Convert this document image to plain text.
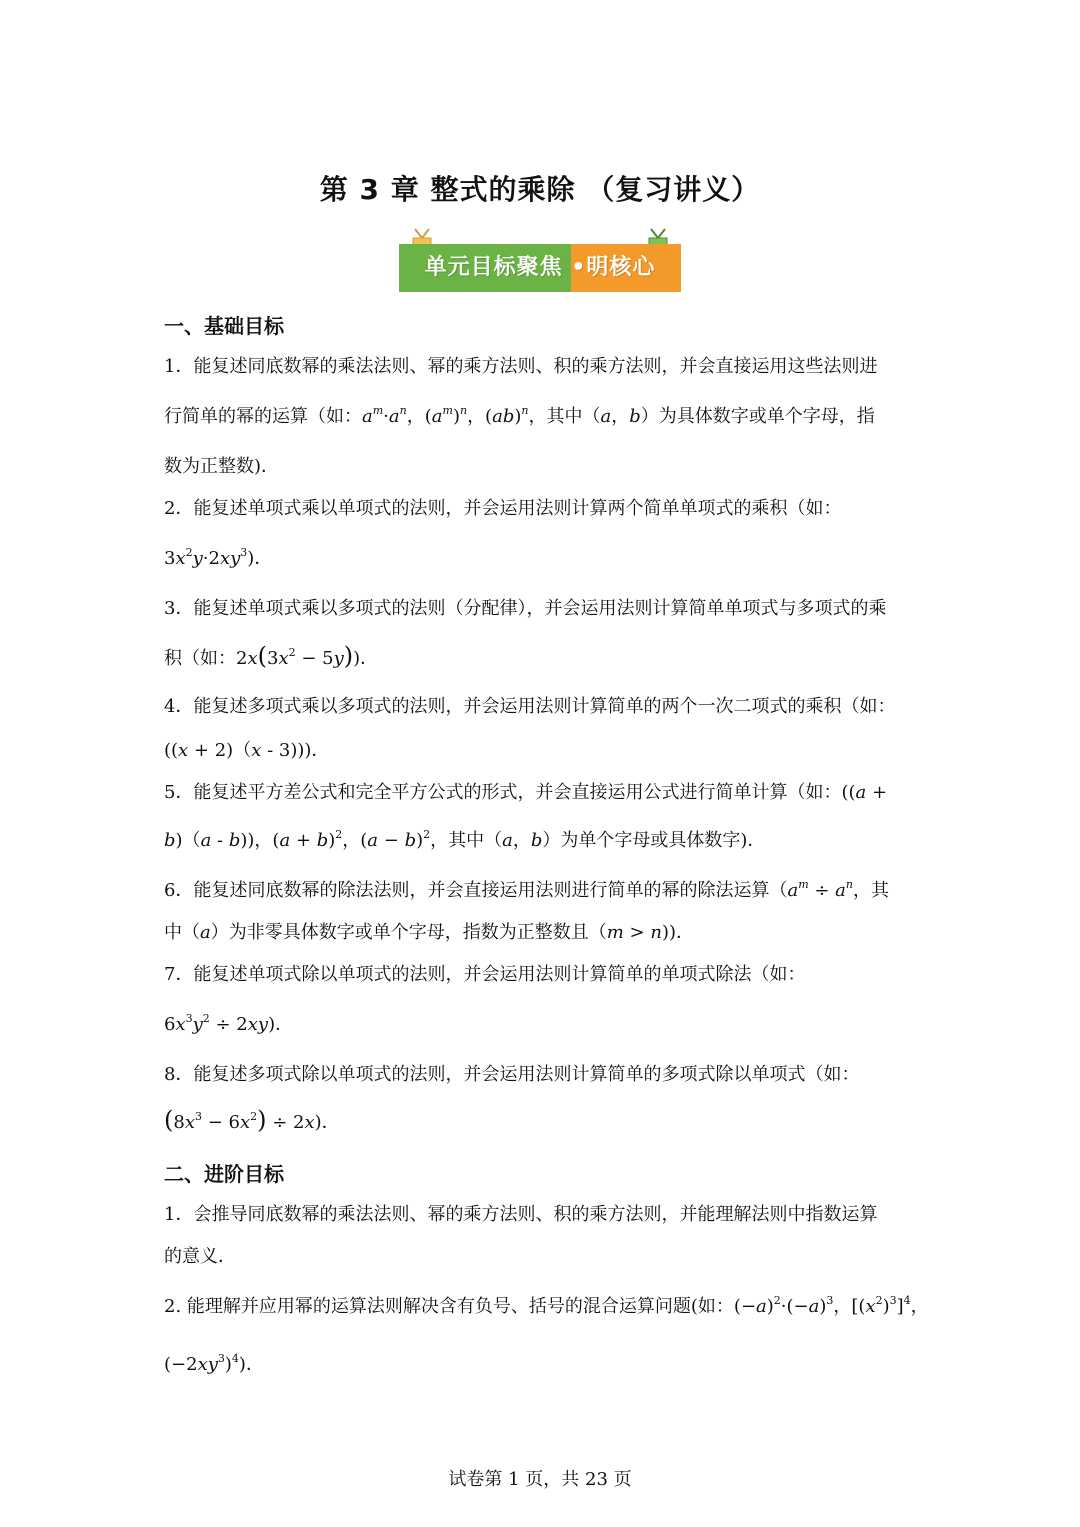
第 3 章 整式的乘除 （复习讲义）
单元目标聚焦 •明核心
一、基础目标
1．能复述同底数幂的乘法法则、幂的乘方法则、积的乘方法则，并会直接运用这些法则进
行简单的幂的运算（如：$a^m\cdot a^n$，$(a^m)^n$，(ab)$^n$，其中（a，b）为具体数字或单个字母，指
数为正整数)．
2．能复述单项式乘以单项式的法则，并会运用法则计算两个简单单项式的乘积（如：
$3x^2y\cdot 2xy^3$)．
3．能复述单项式乘以多项式的法则（分配律），并会运用法则计算简单单项式与多项式的乘
积（如：$2x(3x^2 - 5y)$)．
4．能复述多项式乘以多项式的法则，并会运用法则计算简单的两个一次二项式的乘积（如：
((x + 2)（x - 3)))．
5．能复述平方差公式和完全平方公式的形式，并会直接运用公式进行简单计算（如：((a +
b)（a - b))，$(a + b)^2$，$(a - b)^2$，其中（a，b）为单个字母或具体数字)．
6．能复述同底数幂的除法法则，并会直接运用法则进行简单的幂的除法运算（$a^m \div a^n$，其
中（a）为非零具体数字或单个字母，指数为正整数且（m > n))．
7．能复述单项式除以单项式的法则，并会运用法则计算简单的单项式除法（如：
$6x^3y^2 \div 2xy$)．
8．能复述多项式除以单项式的法则，并会运用法则计算简单的多项式除以单项式（如：
$(8x^3 - 6x^2) \div 2x$)．
二、进阶目标
1．会推导同底数幂的乘法法则、幂的乘方法则、积的乘方法则，并能理解法则中指数运算
的意义．
2. 能理解并应用幂的运算法则解决含有负号、括号的混合运算问题(如：$(-a)^2\cdot(-a)^3$，$[(x^2)^3]^4$，
$(-2xy^3)^4$)．
试卷第 1 页，共 23 页
